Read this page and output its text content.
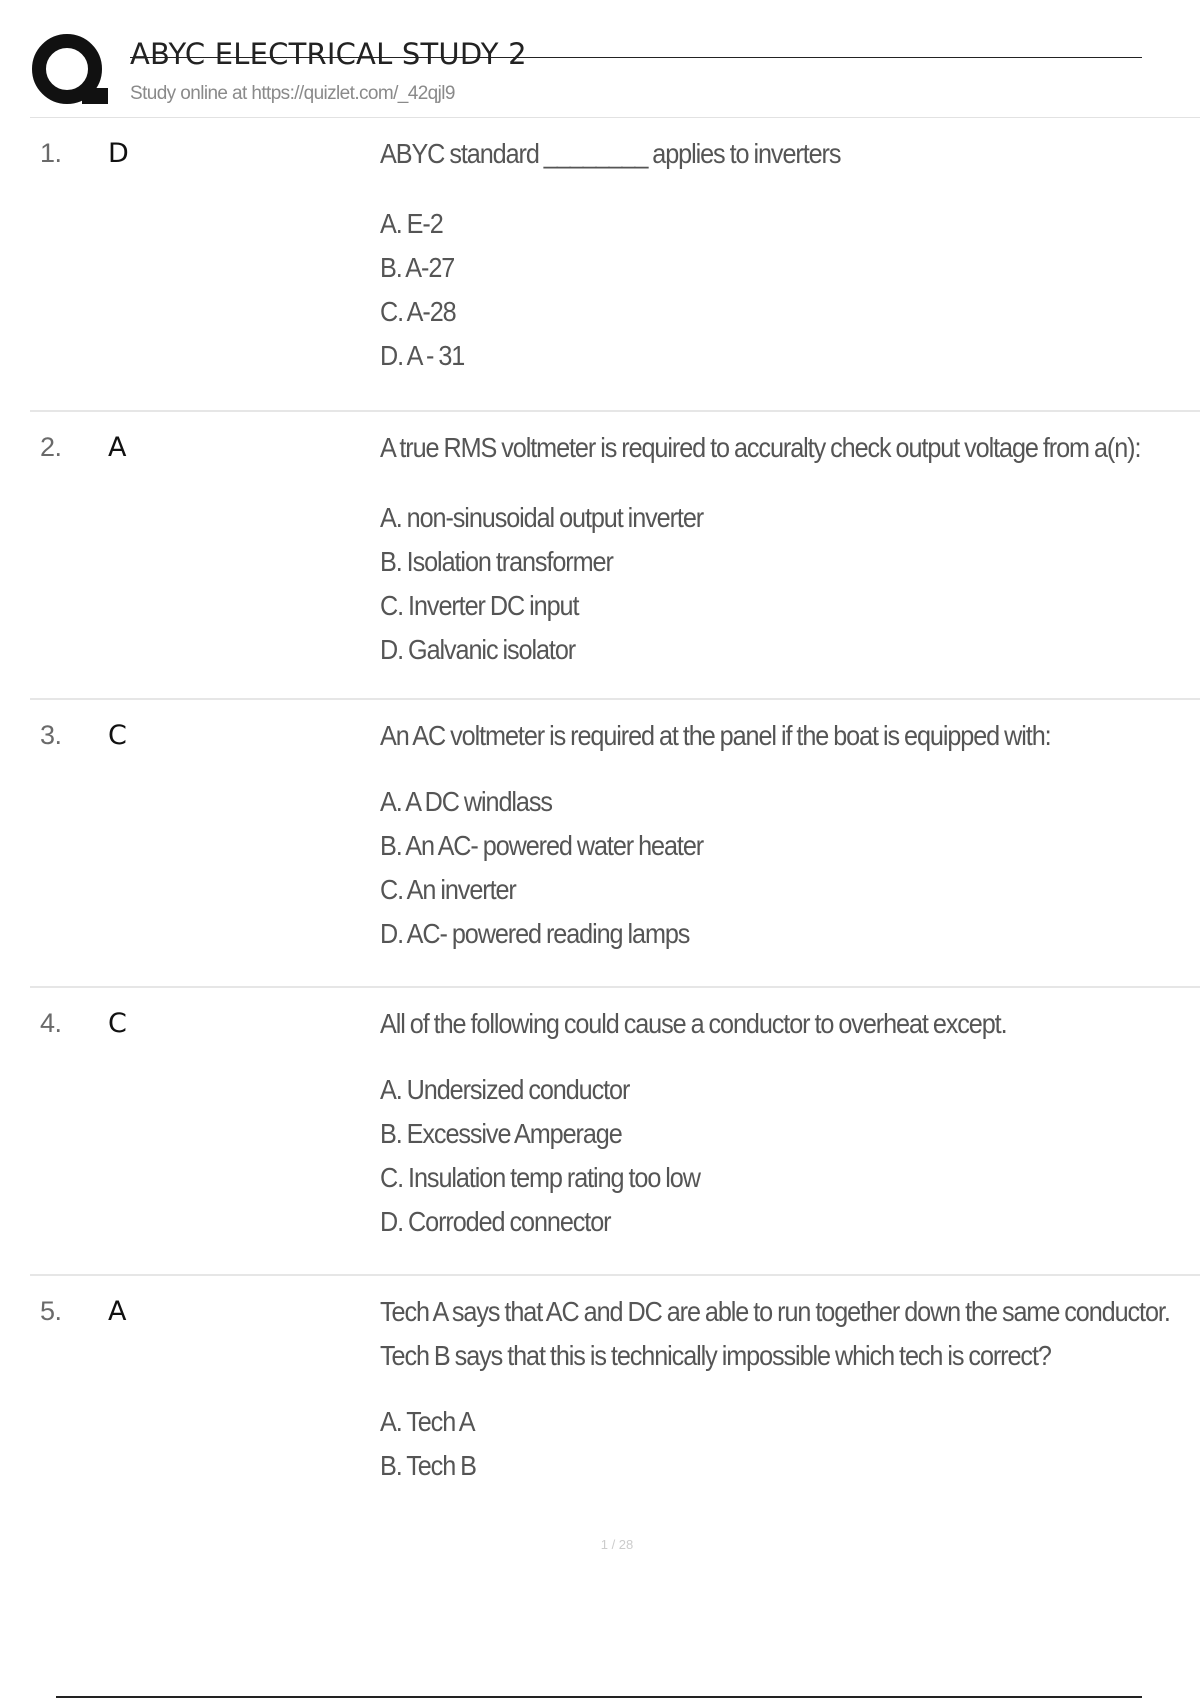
ABYC ELECTRICAL STUDY 2
Study online at https://quizlet.com/_42qjl9
1. D	ABYC standard ________ applies to inverters
A. E-2
B. A-27
C. A-28
D. A - 31
2. A	A true RMS voltmeter is required to accuralty check output voltage from a(n):
A. non-sinusoidal output inverter
B. Isolation transformer
C. Inverter DC input
D. Galvanic isolator
3. C	An AC voltmeter is required at the panel if the boat is equipped with:
A. A DC windlass
B. An AC- powered water heater
C. An inverter
D. AC- powered reading lamps
4. C	All of the following could cause a conductor to overheat except.
A. Undersized conductor
B. Excessive Amperage
C. Insulation temp rating too low
D. Corroded connector
5. A	Tech A says that AC and DC are able to run together down the same conductor.
Tech B says that this is technically impossible which tech is correct?
A. Tech A
B. Tech B
1 / 28
